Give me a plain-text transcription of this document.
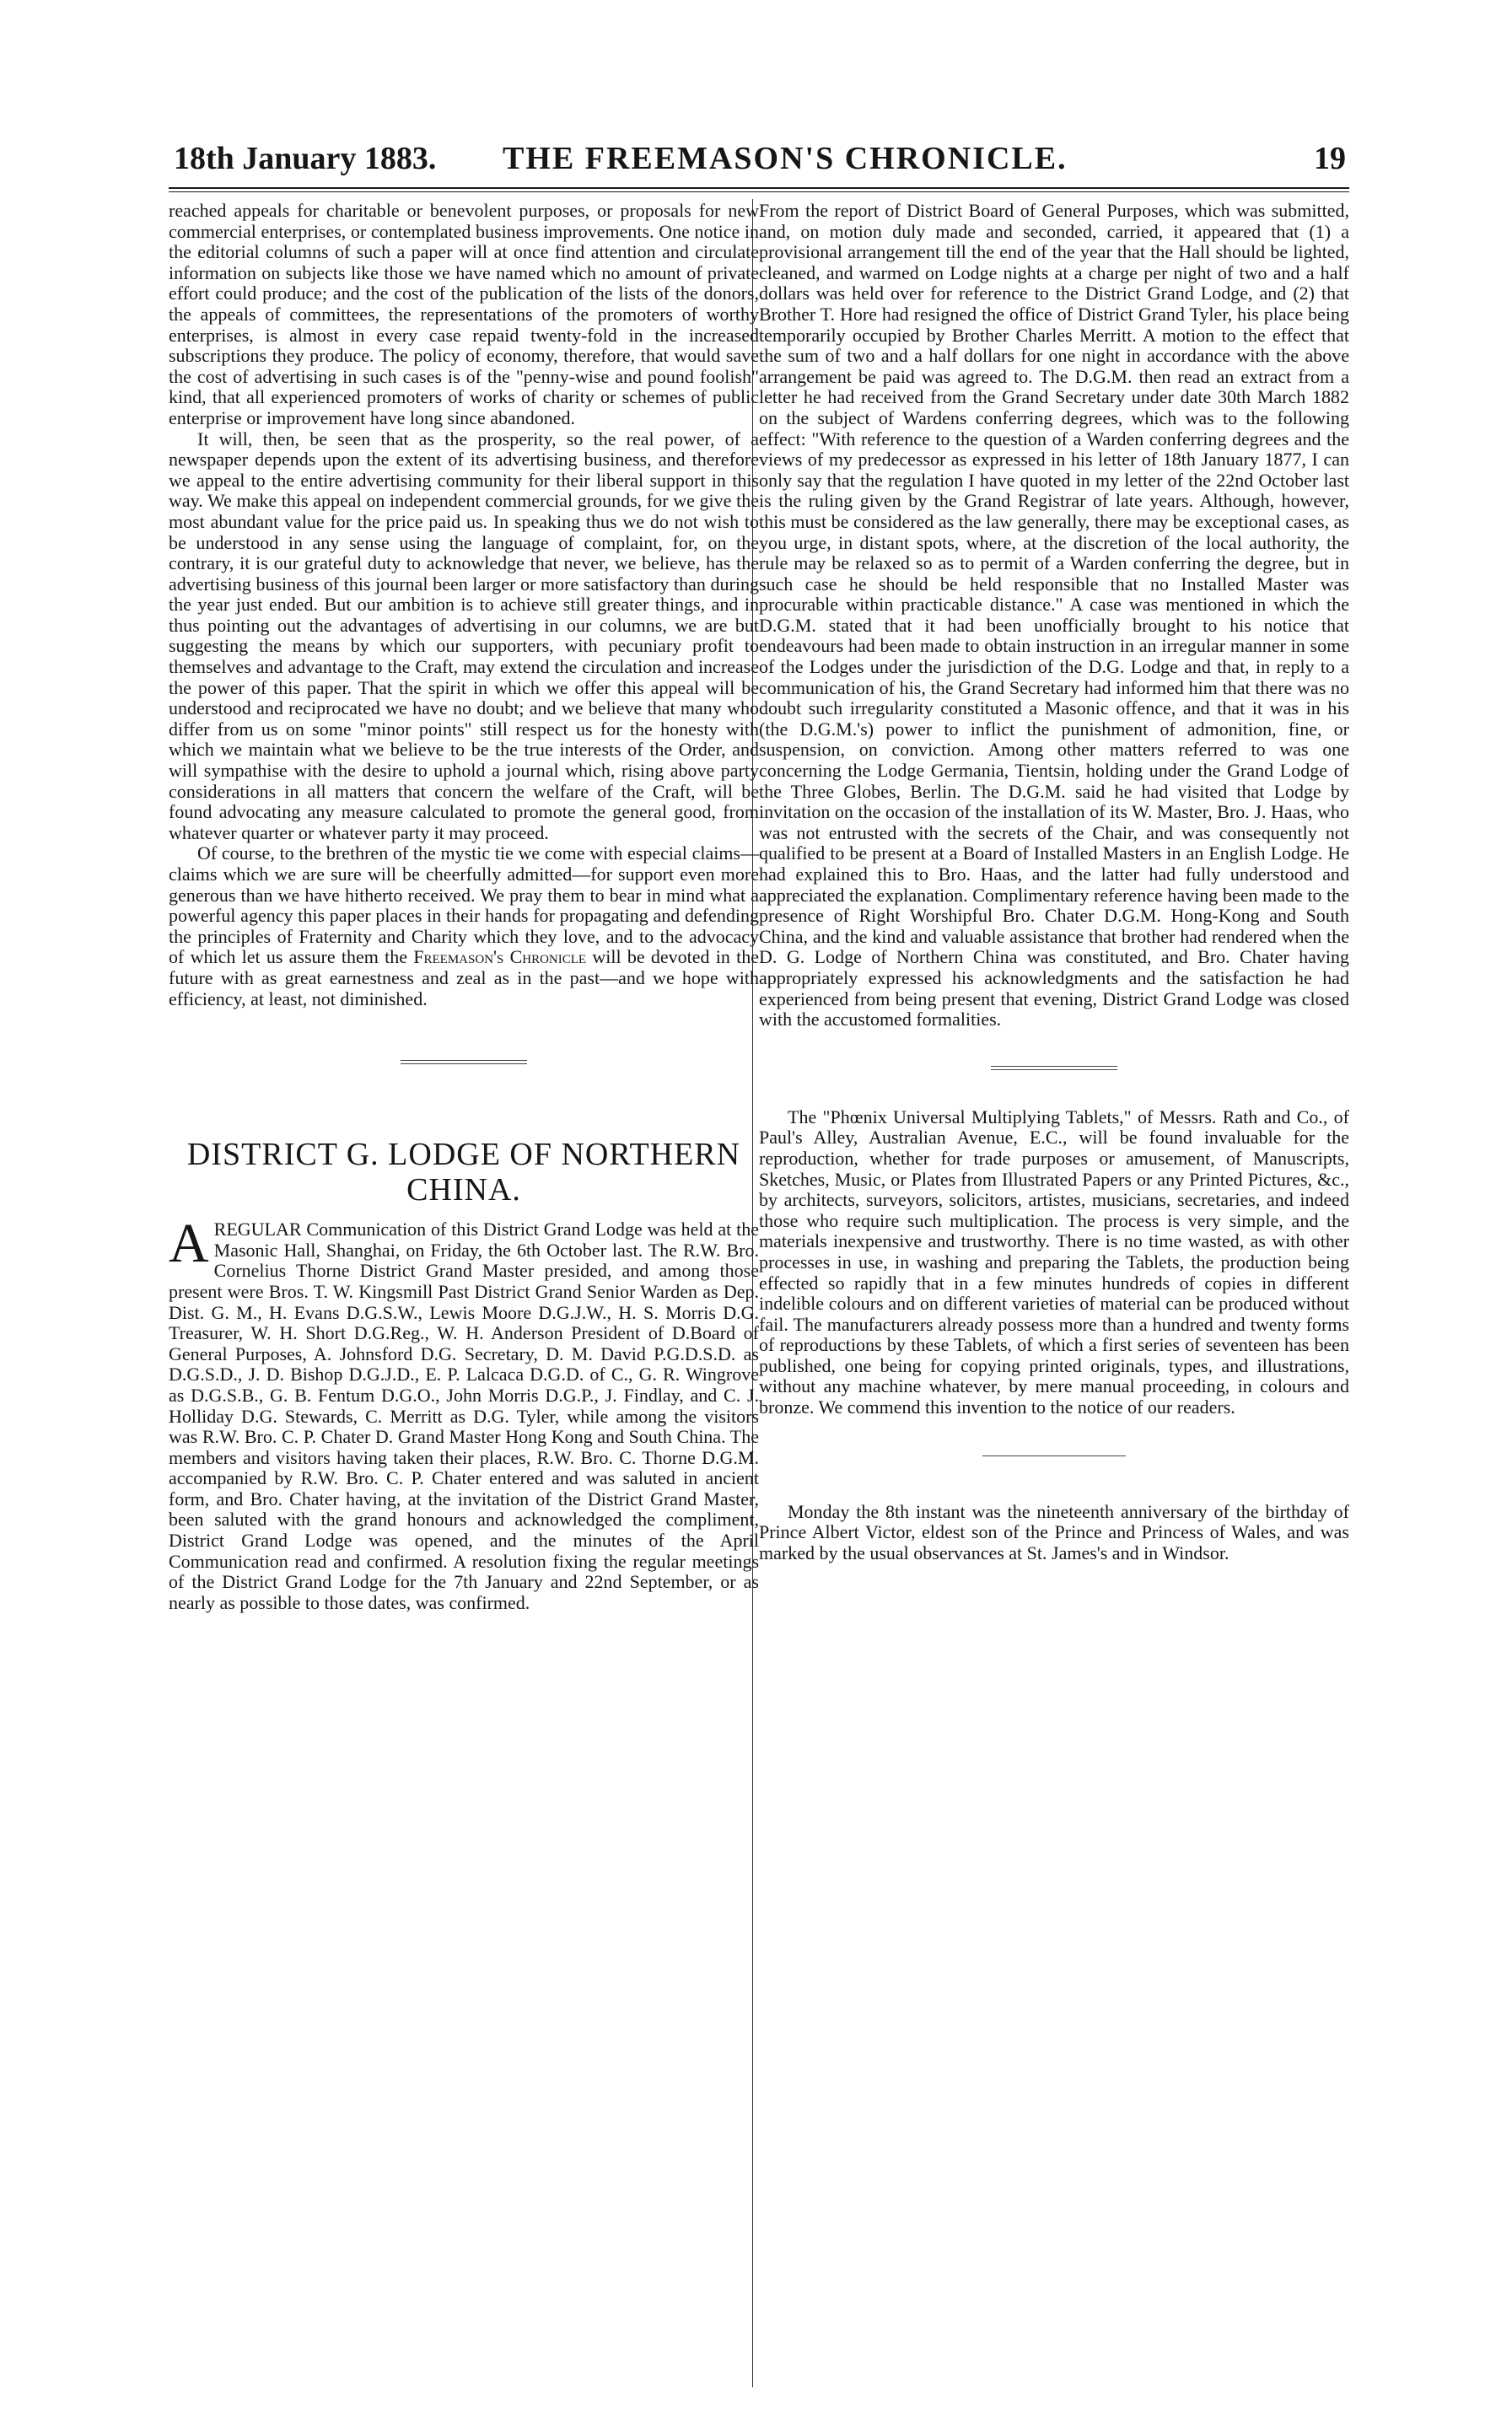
18th January 1883. THE FREEMASON'S CHRONICLE.	19

reached appeals for charitable or benevolent purposes, or proposals for new commercial enterprises, or contemplated business improvements. One notice in the editorial columns of such a paper will at once find attention and circulate information on subjects like those we have named which no amount of private effort could produce; and the cost of the publication of the lists of the donors, the appeals of committees, the representations of the promoters of worthy enterprises, is almost in every case repaid twenty-fold in the increased subscriptions they produce. The policy of economy, therefore, that would save the cost of advertising in such cases is of the "penny-wise and pound foolish" kind, that all experienced promoters of works of charity or schemes of public enterprise or improvement have long since abandoned.

It will, then, be seen that as the prosperity, so the real power, of a newspaper depends upon the extent of its advertising business, and therefore we appeal to the entire advertising community for their liberal support in this way. We make this appeal on independent commercial grounds, for we give the most abundant value for the price paid us. In speaking thus we do not wish to be understood in any sense using the language of complaint, for, on the contrary, it is our grateful duty to acknowledge that never, we believe, has the advertising business of this journal been larger or more satisfactory than during the year just ended. But our ambition is to achieve still greater things, and in thus pointing out the advantages of advertising in our columns, we are but suggesting the means by which our supporters, with pecuniary profit to themselves and advantage to the Craft, may extend the circulation and increase the power of this paper. That the spirit in which we offer this appeal will be understood and reciprocated we have no doubt; and we believe that many who differ from us on some "minor points" still respect us for the honesty with which we maintain what we believe to be the true interests of the Order, and will sympathise with the desire to uphold a journal which, rising above party considerations in all matters that concern the welfare of the Craft, will be found advocating any measure calculated to promote the general good, from whatever quarter or whatever party it may proceed.

Of course, to the brethren of the mystic tie we come with especial claims—claims which we are sure will be cheerfully admitted—for support even more generous than we have hitherto received. We pray them to bear in mind what a powerful agency this paper places in their hands for propagating and defending the principles of Fraternity and Charity which they love, and to the advocacy of which let us assure them the Freemason's Chronicle will be devoted in the future with as great earnestness and zeal as in the past—and we hope with efficiency, at least, not diminished.

DISTRICT G. LODGE OF NORTHERN CHINA.

AREGULAR Communication of this District Grand Lodge was held at the Masonic Hall, Shanghai, on Friday, the 6th October last. The R.W. Bro. Cornelius Thorne District Grand Master presided, and among those present were Bros. T. W. Kingsmill Past District Grand Senior Warden as Dep. Dist. G. M., H. Evans D.G.S.W., Lewis Moore D.G.J.W., H. S. Morris D.G. Treasurer, W. H. Short D.G.Reg., W. H. Anderson President of D.Board of General Purposes, A. Johnsford D.G. Secretary, D. M. David P.G.D.S.D. as D.G.S.D., J. D. Bishop D.G.J.D., E. P. Lalcaca D.G.D. of C., G. R. Wingrove as D.G.S.B., G. B. Fentum D.G.O., John Morris D.G.P., J. Findlay, and C. J. Holliday D.G. Stewards, C. Merritt as D.G. Tyler, while among the visitors was R.W. Bro. C. P. Chater D. Grand Master Hong Kong and South China. The members and visitors having taken their places, R.W. Bro. C. Thorne D.G.M. accompanied by R.W. Bro. C. P. Chater entered and was saluted in ancient form, and Bro. Chater having, at the invitation of the District Grand Master, been saluted with the grand honours and acknowledged the compliment, District Grand Lodge was opened, and the minutes of the April Communication read and confirmed. A resolution fixing the regular meetings of the District Grand Lodge for the 7th January and 22nd September, or as nearly as possible to those dates, was confirmed.

From the report of District Board of General Purposes, which was submitted, and, on motion duly made and seconded, carried, it appeared that (1) a provisional arrangement till the end of the year that the Hall should be lighted, cleaned, and warmed on Lodge nights at a charge per night of two and a half dollars was held over for reference to the District Grand Lodge, and (2) that Brother T. Hore had resigned the office of District Grand Tyler, his place being temporarily occupied by Brother Charles Merritt. A motion to the effect that the sum of two and a half dollars for one night in accordance with the above arrangement be paid was agreed to. The D.G.M. then read an extract from a letter he had received from the Grand Secretary under date 30th March 1882 on the subject of Wardens conferring degrees, which was to the following effect: "With reference to the question of a Warden conferring degrees and the views of my predecessor as expressed in his letter of 18th January 1877, I can only say that the regulation I have quoted in my letter of the 22nd October last is the ruling given by the Grand Registrar of late years. Although, however, this must be considered as the law generally, there may be exceptional cases, as you urge, in distant spots, where, at the discretion of the local authority, the rule may be relaxed so as to permit of a Warden conferring the degree, but in such case he should be held responsible that no Installed Master was procurable within practicable distance." A case was mentioned in which the D.G.M. stated that it had been unofficially brought to his notice that endeavours had been made to obtain instruction in an irregular manner in some of the Lodges under the jurisdiction of the D.G. Lodge and that, in reply to a communication of his, the Grand Secretary had informed him that there was no doubt such irregularity constituted a Masonic offence, and that it was in his (the D.G.M.'s) power to inflict the punishment of admonition, fine, or suspension, on conviction. Among other matters referred to was one concerning the Lodge Germania, Tientsin, holding under the Grand Lodge of the Three Globes, Berlin. The D.G.M. said he had visited that Lodge by invitation on the occasion of the installation of its W. Master, Bro. J. Haas, who was not entrusted with the secrets of the Chair, and was consequently not qualified to be present at a Board of Installed Masters in an English Lodge. He had explained this to Bro. Haas, and the latter had fully understood and appreciated the explanation. Complimentary reference having been made to the presence of Right Worshipful Bro. Chater D.G.M. Hong-Kong and South China, and the kind and valuable assistance that brother had rendered when the D. G. Lodge of Northern China was constituted, and Bro. Chater having appropriately expressed his acknowledgments and the satisfaction he had experienced from being present that evening, District Grand Lodge was closed with the accustomed formalities.

The "Phœnix Universal Multiplying Tablets," of Messrs. Rath and Co., of Paul's Alley, Australian Avenue, E.C., will be found invaluable for the reproduction, whether for trade purposes or amusement, of Manuscripts, Sketches, Music, or Plates from Illustrated Papers or any Printed Pictures, &c., by architects, surveyors, solicitors, artistes, musicians, secretaries, and indeed those who require such multiplication. The process is very simple, and the materials inexpensive and trustworthy. There is no time wasted, as with other processes in use, in washing and preparing the Tablets, the production being effected so rapidly that in a few minutes hundreds of copies in different indelible colours and on different varieties of material can be produced without fail. The manufacturers already possess more than a hundred and twenty forms of reproductions by these Tablets, of which a first series of seventeen has been published, one being for copying printed originals, types, and illustrations, without any machine whatever, by mere manual proceeding, in colours and bronze. We commend this invention to the notice of our readers.

Monday the 8th instant was the nineteenth anniversary of the birthday of Prince Albert Victor, eldest son of the Prince and Princess of Wales, and was marked by the usual observances at St. James's and in Windsor.
